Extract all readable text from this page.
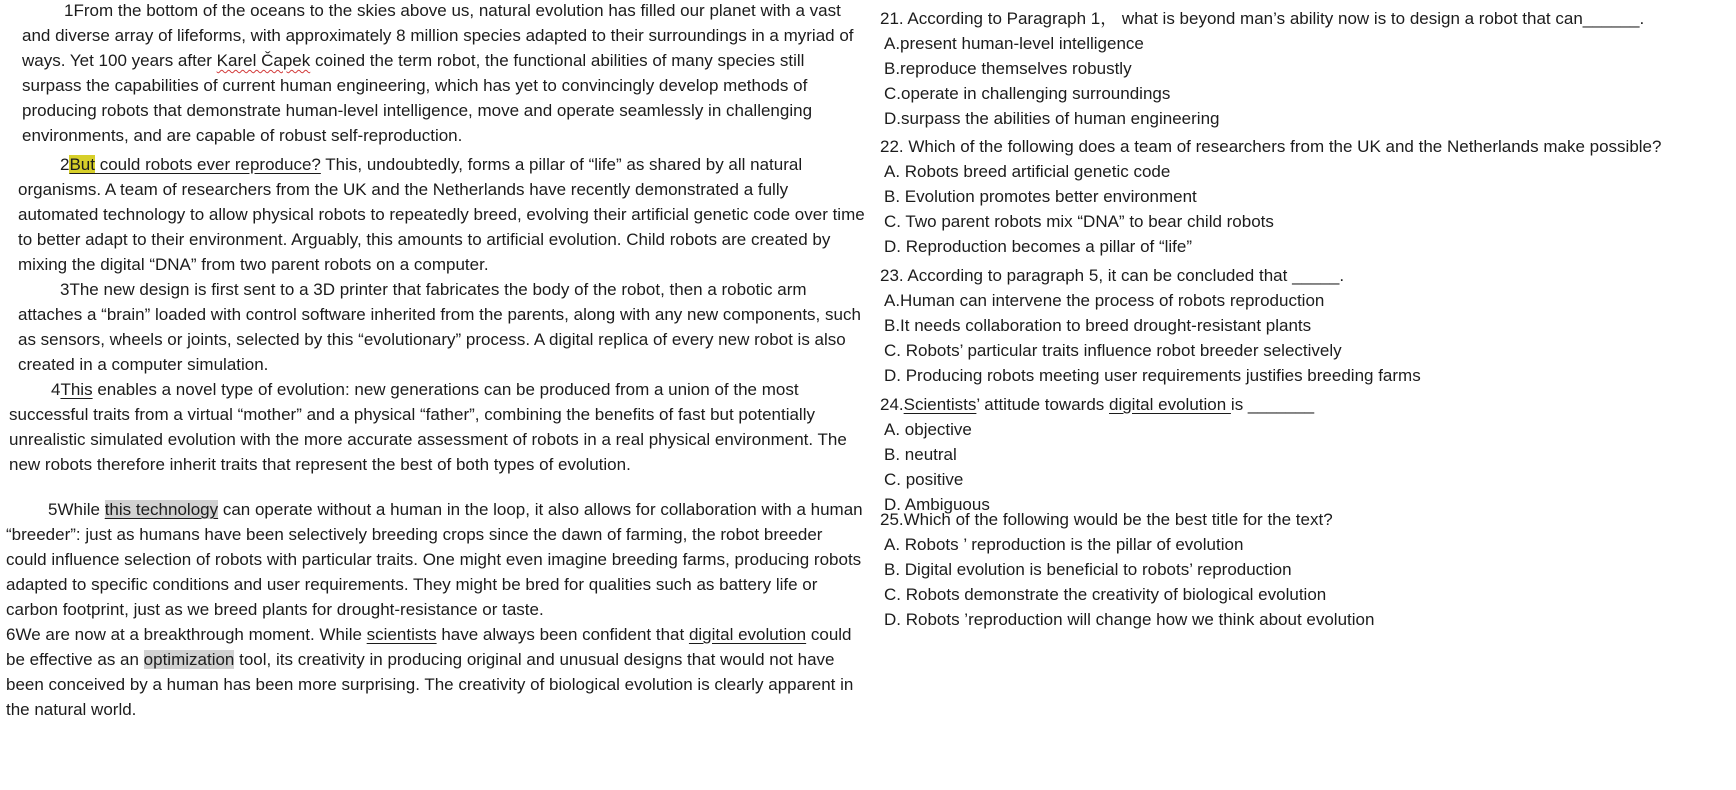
1From the bottom of the oceans to the skies above us, natural evolution has filled our planet with a vast and diverse array of lifeforms, with approximately 8 million species adapted to their surroundings in a myriad of ways. Yet 100 years after Karel Čapek coined the term robot, the functional abilities of many species still surpass the capabilities of current human engineering, which has yet to convincingly develop methods of producing robots that demonstrate human-level intelligence, move and operate seamlessly in challenging environments, and are capable of robust self-reproduction.

2But could robots ever reproduce? This, undoubtedly, forms a pillar of “life” as shared by all natural organisms. A team of researchers from the UK and the Netherlands have recently demonstrated a fully automated technology to allow physical robots to repeatedly breed, evolving their artificial genetic code over time to better adapt to their environment. Arguably, this amounts to artificial evolution. Child robots are created by mixing the digital “DNA” from two parent robots on a computer.

3The new design is first sent to a 3D printer that fabricates the body of the robot, then a robotic arm attaches a “brain” loaded with control software inherited from the parents, along with any new components, such as sensors, wheels or joints, selected by this “evolutionary” process. A digital replica of every new robot is also created in a computer simulation.

4This enables a novel type of evolution: new generations can be produced from a union of the most successful traits from a virtual “mother” and a physical “father”, combining the benefits of fast but potentially unrealistic simulated evolution with the more accurate assessment of robots in a real physical environment. The new robots therefore inherit traits that represent the best of both types of evolution.

5While this technology can operate without a human in the loop, it also allows for collaboration with a human “breeder”: just as humans have been selectively breeding crops since the dawn of farming, the robot breeder could influence selection of robots with particular traits. One might even imagine breeding farms, producing robots adapted to specific conditions and user requirements. They might be bred for qualities such as battery life or carbon footprint, just as we breed plants for drought-resistance or taste.

6We are now at a breakthrough moment. While scientists have always been confident that digital evolution could be effective as an optimization tool, its creativity in producing original and unusual designs that would not have been conceived by a human has been more surprising. The creativity of biological evolution is clearly apparent in the natural world.

21. According to Paragraph 1， what is beyond man’s ability now is to design a robot that can______.

A.present human-level intelligence

B.reproduce themselves robustly

C.operate in challenging surroundings

D.surpass the abilities of human engineering

22. Which of the following does a team of researchers from the UK and the Netherlands make possible?

A. Robots breed artificial genetic code

B. Evolution promotes better environment

C. Two parent robots mix “DNA” to bear child robots

D. Reproduction becomes a pillar of “life”

23. According to paragraph 5, it can be concluded that _____.

A.Human can intervene the process of robots reproduction

B.It needs collaboration to breed drought-resistant plants

C. Robots’ particular traits influence robot breeder selectively

D. Producing robots meeting user requirements justifies breeding farms

24.Scientists’ attitude towards digital evolution is _______

A. objective

B. neutral

C. positive

D. Ambiguous

25.Which of the following would be the best title for the text?

A. Robots ’ reproduction is the pillar of evolution

B. Digital evolution is beneficial to robots’ reproduction

C. Robots demonstrate the creativity of biological evolution

D. Robots ’reproduction will change how we think about evolution
